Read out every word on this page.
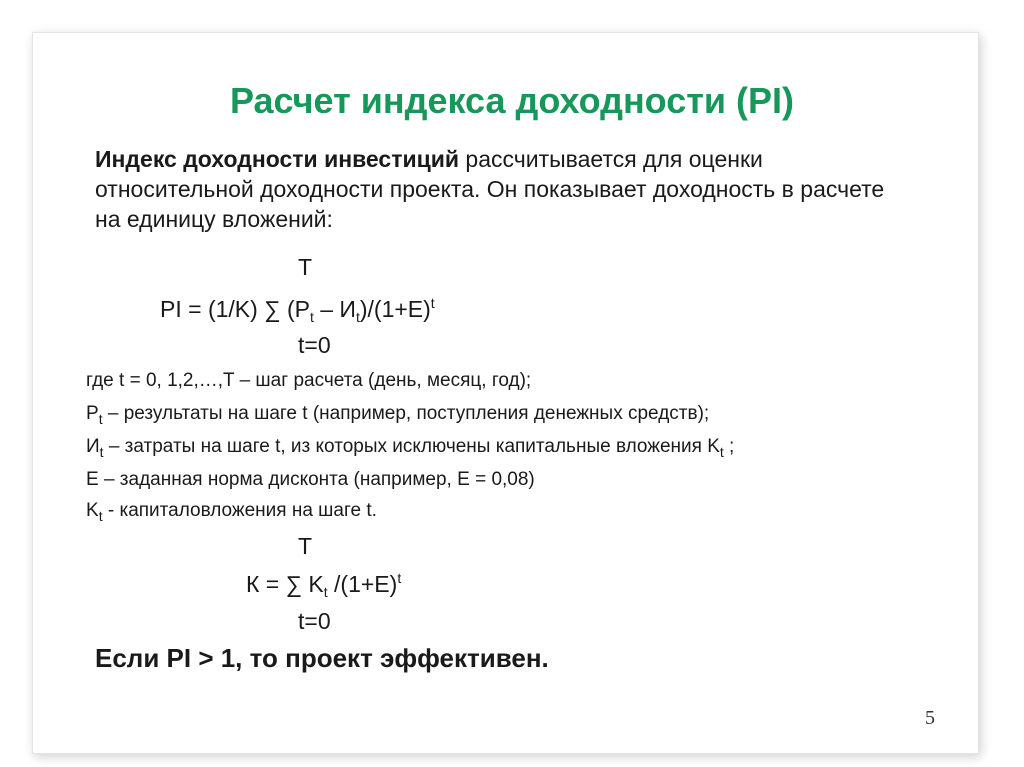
Расчет индекса доходности (PI)
Индекс доходности инвестиций рассчитывается для оценки относительной доходности проекта. Он показывает доходность в расчете на единицу вложений:
T
PI = (1/K) ∑ $(P_t - И_t)/(1+E)^t$
t=0
где t = 0, 1,2,…,T – шаг расчета (день, месяц, год);
$P_t$ – результаты на шаге t (например, поступления денежных средств);
$И_t$ – затраты на шаге t, из которых исключены капитальные вложения $K_t$ ;
Е – заданная норма дисконта (например, Е = 0,08)
$K_t$ - капиталовложения на шаге t.
T
К = ∑ $K_t$ $/(1+E)^t$
t=0
Если PI > 1, то проект эффективен.
5
